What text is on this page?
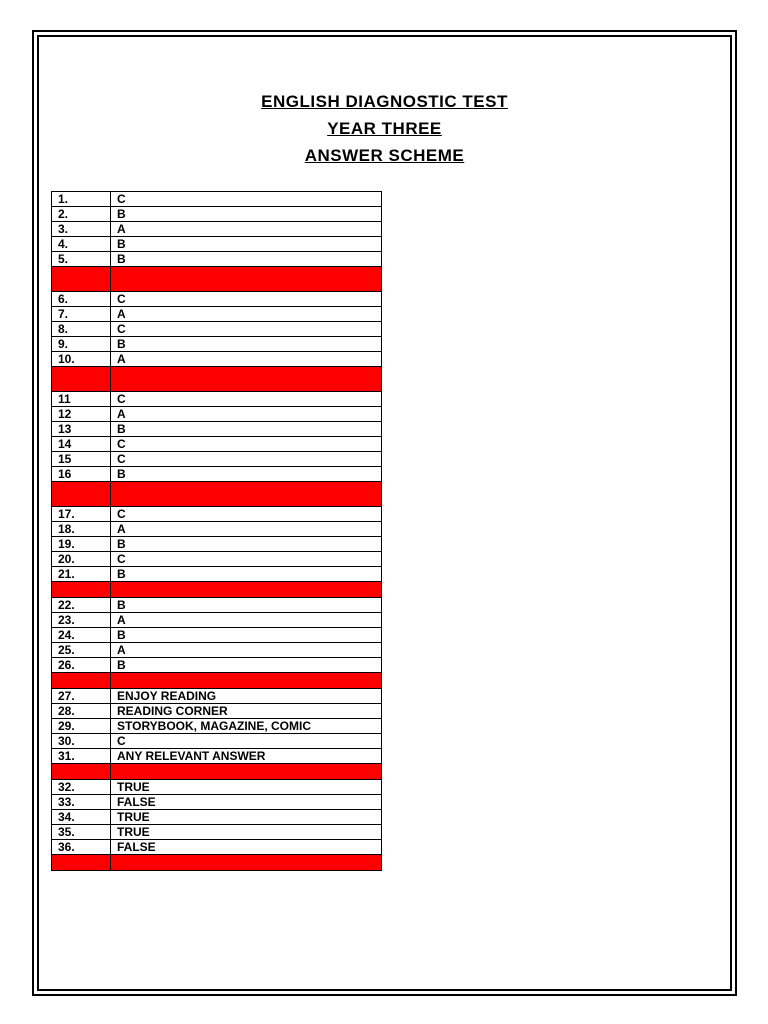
ENGLISH DIAGNOSTIC TEST
YEAR THREE
ANSWER SCHEME
1.	C
2.	B
3.	A
4.	B
5.	B

6.	C
7.	A
8.	C
9.	B
10.	A

11	C
12	A
13	B
14	C
15	C
16	B

17.	C
18.	A
19.	B
20.	C
21.	B

22.	B
23.	A
24.	B
25.	A
26.	B

27.	ENJOY READING
28.	READING CORNER
29.	STORYBOOK, MAGAZINE, COMIC
30.	C
31.	ANY RELEVANT ANSWER

32.	TRUE
33.	FALSE
34.	TRUE
35.	TRUE
36.	FALSE
